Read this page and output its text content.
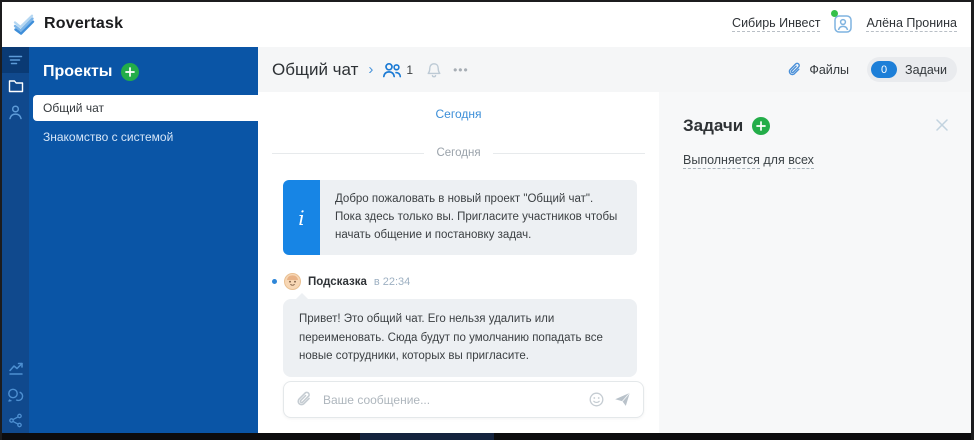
Rovertask	Сибирь Инвест	Алёна Пронина
Проекты
Общий чат
Знакомство с системой
Общий чат ›	1	•••	Файлы	0	Задачи
Сегодня
Сегодня
i
Добро пожаловать в новый проект "Общий чат". Пока здесь только вы. Пригласите участников чтобы начать общение и постановку задач.
Подсказка в 22:34
Привет! Это общий чат. Его нельзя удалить или переименовать. Сюда будут по умолчанию попадать все новые сотрудники, которых вы пригласите.
Ваше сообщение...
Задачи
Выполняется для всех
